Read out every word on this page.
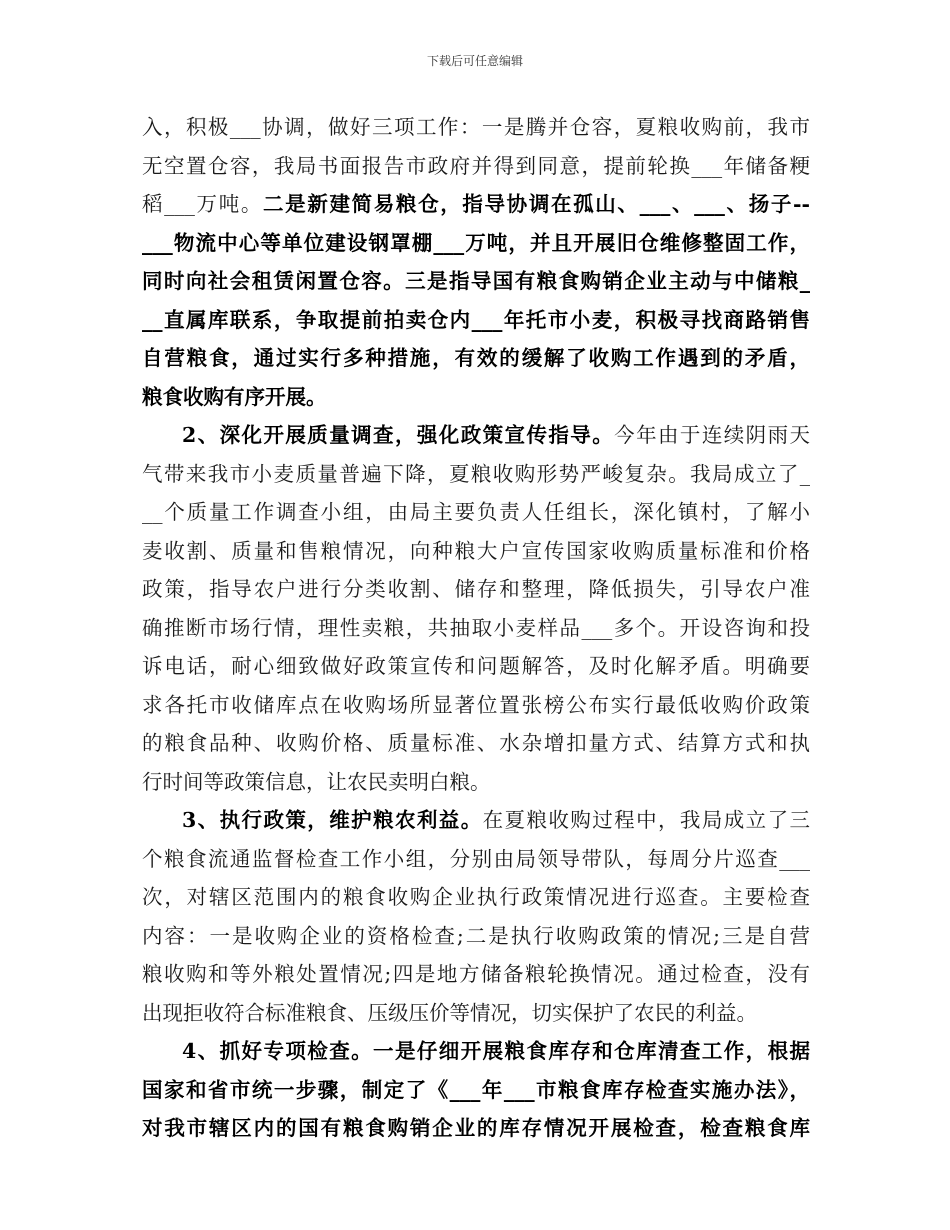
下载后可任意编辑
入，积极___协调，做好三项工作：一是腾并仓容，夏粮收购前，我市
无空置仓容，我局书面报告市政府并得到同意，提前轮换___年储备粳
稻___万吨。二是新建简易粮仓，指导协调在孤山、___、___、扬子--
___物流中心等单位建设钢罩棚___万吨，并且开展旧仓维修整固工作，
同时向社会租赁闲置仓容。三是指导国有粮食购销企业主动与中储粮_
__直属库联系，争取提前拍卖仓内___年托市小麦，积极寻找商路销售
自营粮食，通过实行多种措施，有效的缓解了收购工作遇到的矛盾，
粮食收购有序开展。
2、深化开展质量调查，强化政策宣传指导。今年由于连续阴雨天
气带来我市小麦质量普遍下降，夏粮收购形势严峻复杂。我局成立了_
__个质量工作调查小组，由局主要负责人任组长，深化镇村，了解小
麦收割、质量和售粮情况，向种粮大户宣传国家收购质量标准和价格
政策，指导农户进行分类收割、储存和整理，降低损失，引导农户准
确推断市场行情，理性卖粮，共抽取小麦样品___多个。开设咨询和投
诉电话，耐心细致做好政策宣传和问题解答，及时化解矛盾。明确要
求各托市收储库点在收购场所显著位置张榜公布实行最低收购价政策
的粮食品种、收购价格、质量标准、水杂增扣量方式、结算方式和执
行时间等政策信息，让农民卖明白粮。
3、执行政策，维护粮农利益。在夏粮收购过程中，我局成立了三
个粮食流通监督检查工作小组，分别由局领导带队，每周分片巡查___
次，对辖区范围内的粮食收购企业执行政策情况进行巡查。主要检查
内容：一是收购企业的资格检查;二是执行收购政策的情况;三是自营
粮收购和等外粮处置情况;四是地方储备粮轮换情况。通过检查，没有
出现拒收符合标准粮食、压级压价等情况，切实保护了农民的利益。
4、抓好专项检查。一是仔细开展粮食库存和仓库清查工作，根据
国家和省市统一步骤，制定了《___年___市粮食库存检查实施办法》，
对我市辖区内的国有粮食购销企业的库存情况开展检查，检查粮食库
